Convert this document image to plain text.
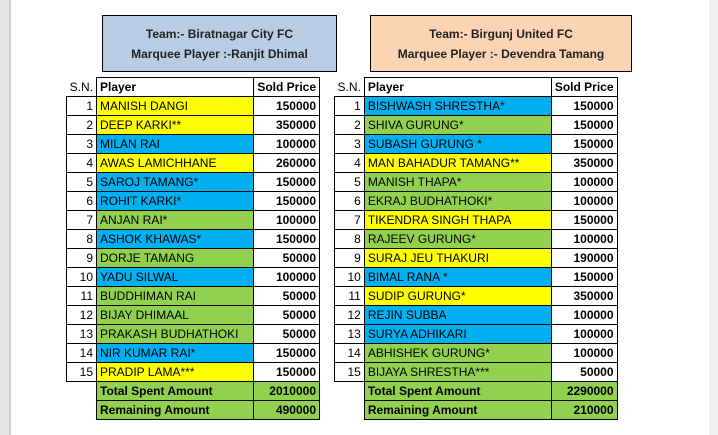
Team:- Biratnagar City FC
Marquee Player :-Ranjit Dhimal
Team:- Birgunj United FC
Marquee Player :- Devendra Tamang
S.N.	Player	Sold Price
1	MANISH DANGI	150000
2	DEEP KARKI**	350000
3	MILAN RAI	100000
4	AWAS LAMICHHANE	260000
5	SAROJ TAMANG*	150000
6	ROHIT KARKI*	150000
7	ANJAN RAI*	100000
8	ASHOK KHAWAS*	150000
9	DORJE TAMANG	50000
10	YADU SILWAL	100000
11	BUDDHIMAN RAI	50000
12	BIJAY DHIMAAL	50000
13	PRAKASH BUDHATHOKI	50000
14	NIR KUMAR RAI*	150000
15	PRADIP LAMA***	150000
	Total Spent Amount	2010000
	Remaining Amount	490000
S.N.	Player	Sold Price
1	BISHWASH SHRESTHA*	150000
2	SHIVA GURUNG*	150000
3	SUBASH GURUNG *	150000
4	MAN BAHADUR TAMANG**	350000
5	MANISH THAPA*	100000
6	EKRAJ BUDHATHOKI*	100000
7	TIKENDRA SINGH THAPA	150000
8	RAJEEV GURUNG*	100000
9	SURAJ JEU THAKURI	190000
10	BIMAL RANA *	150000
11	SUDIP GURUNG*	350000
12	REJIN SUBBA	100000
13	SURYA ADHIKARI	100000
14	ABHISHEK GURUNG*	100000
15	BIJAYA SHRESTHA***	50000
	Total Spent Amount	2290000
	Remaining Amount	210000
